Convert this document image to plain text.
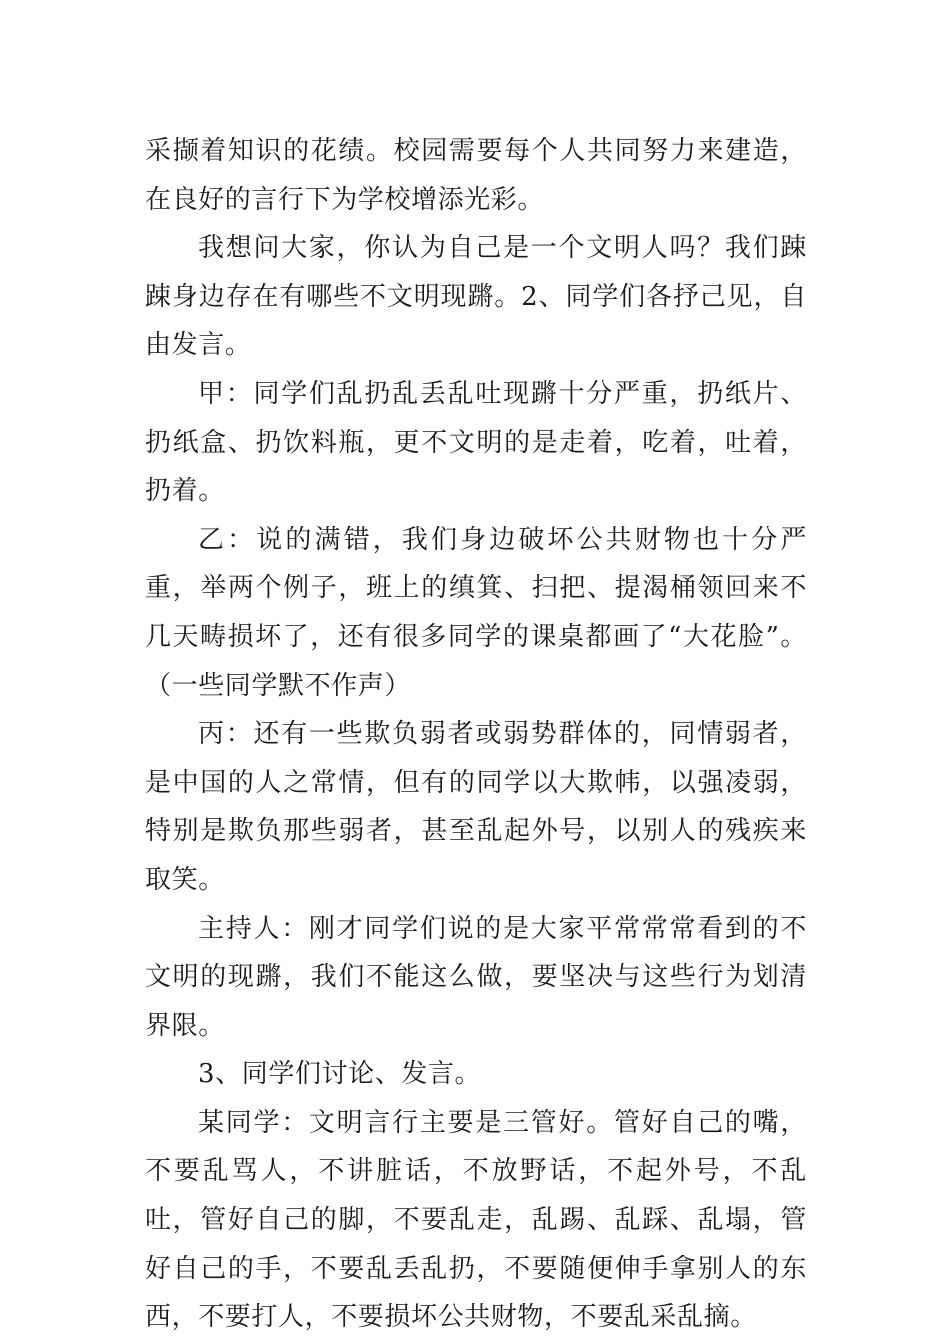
采撷着知识的花绩。校园需要每个人共同努力来建造，在良好的言行下为学校增添光彩。

我想问大家，你认为自己是一个文明人吗？我们踈踈身边存在有哪些不文明现蹡。2、同学们各抒己见，自由发言。

甲：同学们乱扔乱丢乱吐现蹡十分严重，扔纸片、扔纸盒、扔饮料瓶，更不文明的是走着，吃着，吐着，扔着。

乙：说的满错，我们身边破坏公共财物也十分严重，举两个例子，班上的缜箕、扫把、提渴桶领回来不几天畴损坏了，还有很多同学的课桌都画了“大花脸”。（一些同学默不作声）

丙：还有一些欺负弱者或弱势群体的，同情弱者，是中国的人之常情，但有的同学以大欺帏，以强凌弱，特别是欺负那些弱者，甚至乱起外号，以别人的残疾来取笑。

主持人：刚才同学们说的是大家平常常常看到的不文明的现蹡，我们不能这么做，要坚决与这些行为划清界限。

3、同学们讨论、发言。

某同学：文明言行主要是三管好。管好自己的嘴，不要乱骂人，不讲脏话，不放野话，不起外号，不乱吐，管好自己的脚，不要乱走，乱踢、乱踩、乱塌，管好自己的手，不要乱丢乱扔，不要随便伸手拿别人的东西，不要打人，不要损坏公共财物，不要乱采乱摘。
